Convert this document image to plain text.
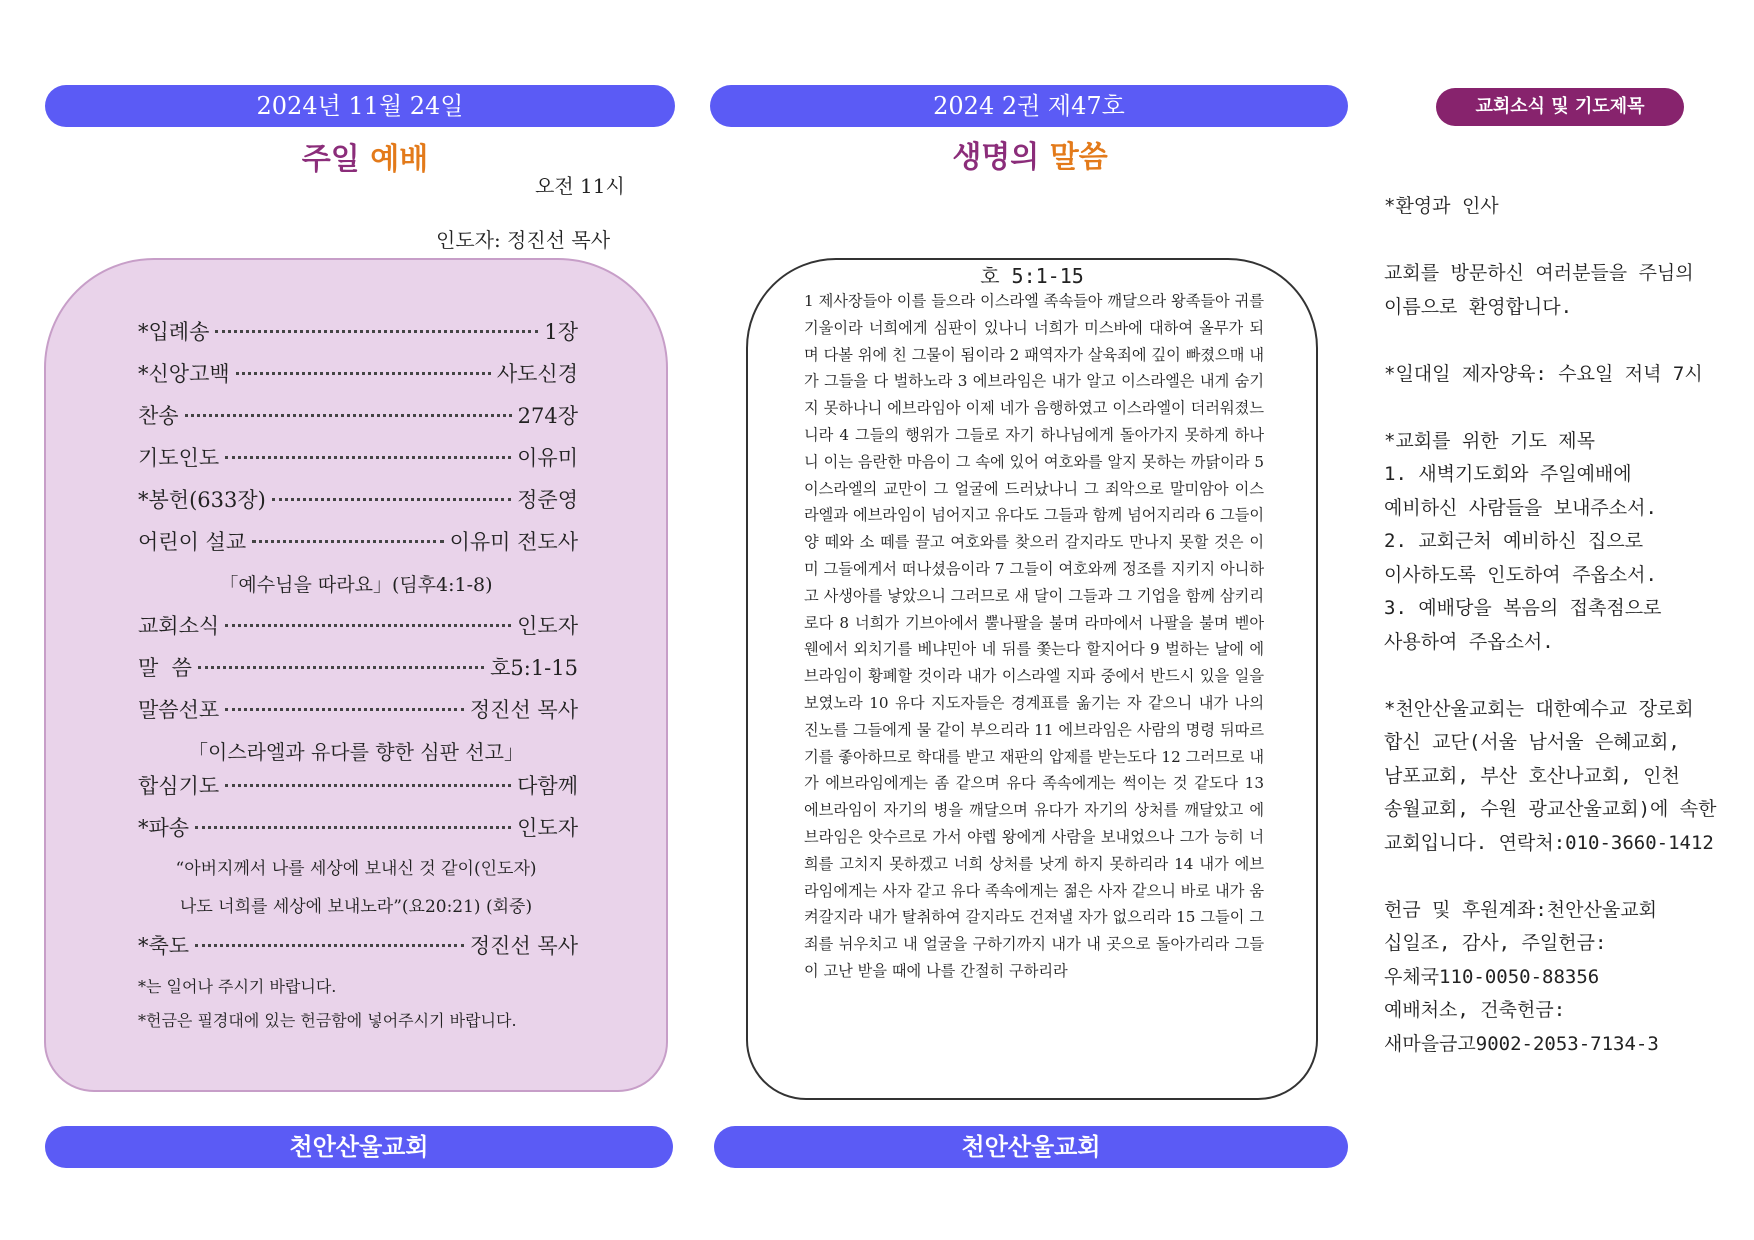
2024년 11월 24일
주일 예배
오전 11시
인도자: 정진선 목사
*입례송	1장
*신앙고백	사도신경
찬송	274장
기도인도	이유미
*봉헌(633장)	정준영
어린이 설교	이유미 전도사
「예수님을 따라요」(딤후4:1-8)
교회소식	인도자
말  씀	호5:1-15
말씀선포	정진선 목사
「이스라엘과 유다를 향한 심판 선고」
합심기도	다함께
*파송	인도자
“아버지께서 나를 세상에 보내신 것 같이(인도자)
나도 너희를 세상에 보내노라”(요20:21) (회중)
*축도	정진선 목사
*는 일어나 주시기 바랍니다.
*헌금은 필경대에 있는 헌금함에 넣어주시기 바랍니다.
천안산울교회
2024 2권 제47호
생명의 말씀
호 5:1-15
1 제사장들아 이를 들으라 이스라엘 족속들아 깨달으라 왕족들아 귀를 기울이라 너희에게 심판이 있나니 너희가 미스바에 대하여 올무가 되며 다볼 위에 친 그물이 됨이라 2 패역자가 살육죄에 깊이 빠졌으매 내가 그들을 다 벌하노라 3 에브라임은 내가 알고 이스라엘은 내게 숨기지 못하나니 에브라임아 이제 네가 음행하였고 이스라엘이 더러워졌느니라 4 그들의 행위가 그들로 자기 하나님에게 돌아가지 못하게 하나니 이는 음란한 마음이 그 속에 있어 여호와를 알지 못하는 까닭이라 5 이스라엘의 교만이 그 얼굴에 드러났나니 그 죄악으로 말미암아 이스라엘과 에브라임이 넘어지고 유다도 그들과 함께 넘어지리라 6 그들이 양 떼와 소 떼를 끌고 여호와를 찾으러 갈지라도 만나지 못할 것은 이미 그들에게서 떠나셨음이라 7 그들이 여호와께 정조를 지키지 아니하고 사생아를 낳았으니 그러므로 새 달이 그들과 그 기업을 함께 삼키리로다 8 너희가 기브아에서 뿔나팔을 불며 라마에서 나팔을 불며 벧아웬에서 외치기를 베냐민아 네 뒤를 쫓는다 할지어다 9 벌하는 날에 에브라임이 황폐할 것이라 내가 이스라엘 지파 중에서 반드시 있을 일을 보였노라 10 유다 지도자들은 경계표를 옮기는 자 같으니 내가 나의 진노를 그들에게 물 같이 부으리라 11 에브라임은 사람의 명령 뒤따르기를 좋아하므로 학대를 받고 재판의 압제를 받는도다 12 그러므로 내가 에브라임에게는 좀 같으며 유다 족속에게는 썩이는 것 같도다 13 에브라임이 자기의 병을 깨달으며 유다가 자기의 상처를 깨달았고 에브라임은 앗수르로 가서 야렙 왕에게 사람을 보내었으나 그가 능히 너희를 고치지 못하겠고 너희 상처를 낫게 하지 못하리라 14 내가 에브라임에게는 사자 같고 유다 족속에게는 젊은 사자 같으니 바로 내가 움켜갈지라 내가 탈취하여 갈지라도 건져낼 자가 없으리라 15 그들이 그 죄를 뉘우치고 내 얼굴을 구하기까지 내가 내 곳으로 돌아가리라 그들이 고난 받을 때에 나를 간절히 구하리라
천안산울교회
교회소식 및 기도제목
*환영과 인사
교회를 방문하신 여러분들을 주님의
이름으로 환영합니다.
*일대일 제자양육: 수요일 저녁 7시
*교회를 위한 기도 제목
1. 새벽기도회와 주일예배에
예비하신 사람들을 보내주소서.
2. 교회근처 예비하신 집으로
이사하도록 인도하여 주옵소서.
3. 예배당을 복음의 접촉점으로
사용하여 주옵소서.
*천안산울교회는 대한예수교 장로회
합신 교단(서울 남서울 은혜교회,
남포교회, 부산 호산나교회, 인천
송월교회, 수원 광교산울교회)에 속한
교회입니다. 연락처:010-3660-1412
헌금 및 후원계좌:천안산울교회
십일조, 감사, 주일헌금:
우체국110-0050-88356
예배처소, 건축헌금:
새마을금고9002-2053-7134-3
